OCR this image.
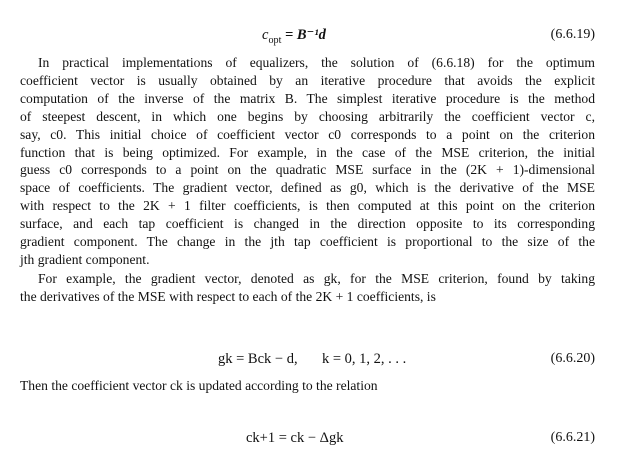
$c_{opt} = B^{-1}d$	(6.6.19)
In practical implementations of equalizers, the solution of (6.6.18) for the optimum
coefficient vector is usually obtained by an iterative procedure that avoids the explicit
computation of the inverse of the matrix B. The simplest iterative procedure is the method
of steepest descent, in which one begins by choosing arbitrarily the coefficient vector c,
say, c0. This initial choice of coefficient vector c0 corresponds to a point on the criterion
function that is being optimized. For example, in the case of the MSE criterion, the initial
guess c0 corresponds to a point on the quadratic MSE surface in the (2K + 1)-dimensional
space of coefficients. The gradient vector, defined as g0, which is the derivative of the MSE
with respect to the 2K + 1 filter coefficients, is then computed at this point on the criterion
surface, and each tap coefficient is changed in the direction opposite to its corresponding
gradient component. The change in the jth tap coefficient is proportional to the size of the
jth gradient component.
For example, the gradient vector, denoted as gk, for the MSE criterion, found by taking
the derivatives of the MSE with respect to each of the 2K + 1 coefficients, is
gk = Bck − d, k = 0, 1, 2, . . .	(6.6.20)
Then the coefficient vector ck is updated according to the relation
ck+1 = ck − Δgk	(6.6.21)
